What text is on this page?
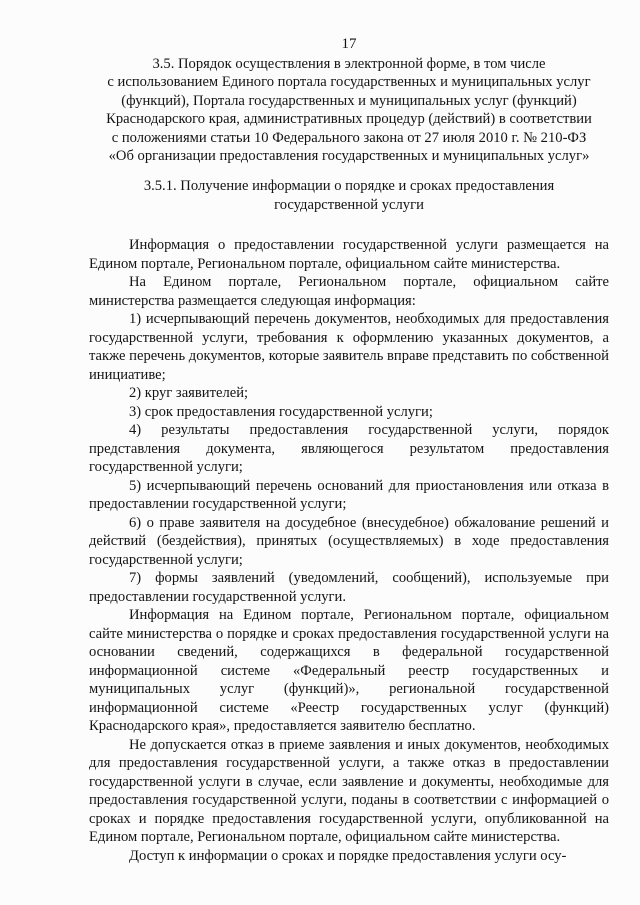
17
3.5. Порядок осуществления в электронной форме, в том числе
с использованием Единого портала государственных и муниципальных услуг
(функций), Портала государственных и муниципальных услуг (функций)
Краснодарского края, административных процедур (действий) в соответствии
с положениями статьи 10 Федерального закона от 27 июля 2010 г. № 210-ФЗ
«Об организации предоставления государственных и муниципальных услуг»
3.5.1. Получение информации о порядке и сроках предоставления
государственной услуги

Информация о предоставлении государственной услуги размещается на Едином портале, Региональном портале, официальном сайте министерства.

На Едином портале, Региональном портале, официальном сайте министерства размещается следующая информация:

1) исчерпывающий перечень документов, необходимых для предоставления государственной услуги, требования к оформлению указанных документов, а также перечень документов, которые заявитель вправе представить по собственной инициативе;

2) круг заявителей;

3) срок предоставления государственной услуги;

4) результаты предоставления государственной услуги, порядок представления документа, являющегося результатом предоставления государственной услуги;

5) исчерпывающий перечень оснований для приостановления или отказа в предоставлении государственной услуги;

6) о праве заявителя на досудебное (внесудебное) обжалование решений и действий (бездействия), принятых (осуществляемых) в ходе предоставления государственной услуги;

7) формы заявлений (уведомлений, сообщений), используемые при предоставлении государственной услуги.

Информация на Едином портале, Региональном портале, официальном сайте министерства о порядке и сроках предоставления государственной услуги на основании сведений, содержащихся в федеральной государственной информационной системе «Федеральный реестр государственных и муниципальных услуг (функций)», региональной государственной информационной системе «Реестр государственных услуг (функций) Краснодарского края», предоставляется заявителю бесплатно.

Не допускается отказ в приеме заявления и иных документов, необходимых для предоставления государственной услуги, а также отказ в предоставлении государственной услуги в случае, если заявление и документы, необходимые для предоставления государственной услуги, поданы в соответствии с информацией о сроках и порядке предоставления государственной услуги, опубликованной на Едином портале, Региональном портале, официальном сайте министерства.

Доступ к информации о сроках и порядке предоставления услуги осу-
